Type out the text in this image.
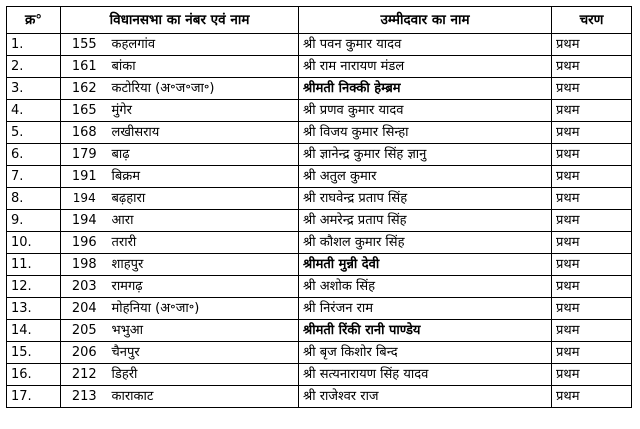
क्र°	विधानसभा का नंबर एवं नाम		उम्मीदवार का नाम	चरण
1.	155	कहलगांव	श्री पवन कुमार यादव	प्रथम
2.	161	बांका	श्री राम नारायण मंडल	प्रथम
3.	162	कटोरिया (अ॰ज॰जा॰)	श्रीमती निक्की हेम्ब्रम	प्रथम
4.	165	मुंगेर	श्री प्रणव कुमार यादव	प्रथम
5.	168	लखीसराय	श्री विजय कुमार सिन्हा	प्रथम
6.	179	बाढ़	श्री ज्ञानेन्द्र कुमार सिंह ज्ञानु	प्रथम
7.	191	बिक्रम	श्री अतुल कुमार	प्रथम
8.	194	बढ़हारा	श्री राघवेन्द्र प्रताप सिंह	प्रथम
9.	194	आरा	श्री अमरेन्द्र प्रताप सिंह	प्रथम
10.	196	तरारी	श्री कौशल कुमार सिंह	प्रथम
11.	198	शाहपुर	श्रीमती मुन्नी देवी	प्रथम
12.	203	रामगढ़	श्री अशोक सिंह	प्रथम
13.	204	मोहनिया (अ॰जा॰)	श्री निरंजन राम	प्रथम
14.	205	भभुआ	श्रीमती रिंकी रानी पाण्डेय	प्रथम
15.	206	चैनपुर	श्री बृज किशोर बिन्द	प्रथम
16.	212	डिहरी	श्री सत्यनारायण सिंह यादव	प्रथम
17.	213	काराकाट	श्री राजेश्वर राज	प्रथम
